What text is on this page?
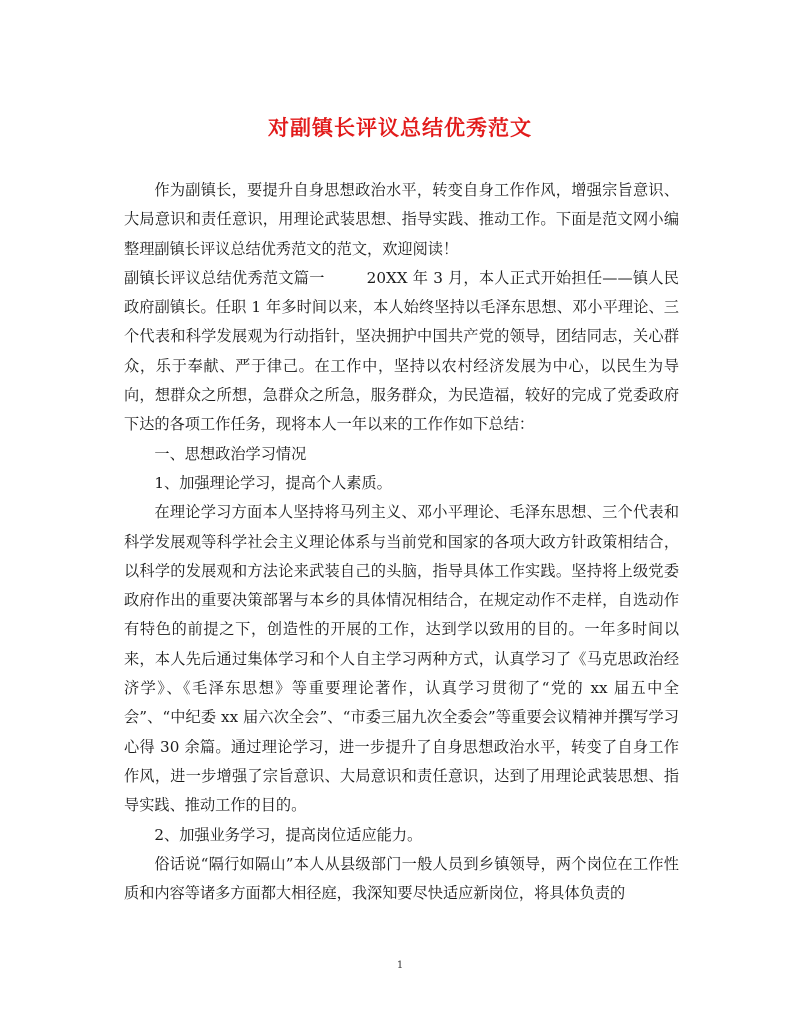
对副镇长评议总结优秀范文

作为副镇长，要提升自身思想政治水平，转变自身工作作风，增强宗旨意识、大局意识和责任意识，用理论武装思想、指导实践、推动工作。下面是范文网小编整理副镇长评议总结优秀范文的范文，欢迎阅读！

副镇长评议总结优秀范文篇一	20XX 年 3 月，本人正式开始担任——镇人民政府副镇长。任职 1 年多时间以来，本人始终坚持以毛泽东思想、邓小平理论、三个代表和科学发展观为行动指针，坚决拥护中国共产党的领导，团结同志，关心群众，乐于奉献、严于律己。在工作中，坚持以农村经济发展为中心，以民生为导向，想群众之所想，急群众之所急，服务群众，为民造福，较好的完成了党委政府下达的各项工作任务，现将本人一年以来的工作作如下总结：

一、思想政治学习情况

1、加强理论学习，提高个人素质。

在理论学习方面本人坚持将马列主义、邓小平理论、毛泽东思想、三个代表和科学发展观等科学社会主义理论体系与当前党和国家的各项大政方针政策相结合，以科学的发展观和方法论来武装自己的头脑，指导具体工作实践。坚持将上级党委政府作出的重要决策部署与本乡的具体情况相结合，在规定动作不走样，自选动作有特色的前提之下，创造性的开展的工作，达到学以致用的目的。一年多时间以来，本人先后通过集体学习和个人自主学习两种方式，认真学习了《马克思政治经济学》、《毛泽东思想》等重要理论著作，认真学习贯彻了“党的 xx 届五中全会”、“中纪委 xx 届六次全会”、“市委三届九次全委会”等重要会议精神并撰写学习心得 30 余篇。通过理论学习，进一步提升了自身思想政治水平，转变了自身工作作风，进一步增强了宗旨意识、大局意识和责任意识，达到了用理论武装思想、指导实践、推动工作的目的。

2、加强业务学习，提高岗位适应能力。

俗话说“隔行如隔山”本人从县级部门一般人员到乡镇领导，两个岗位在工作性质和内容等诸多方面都大相径庭，我深知要尽快适应新岗位，将具体负责的

1
